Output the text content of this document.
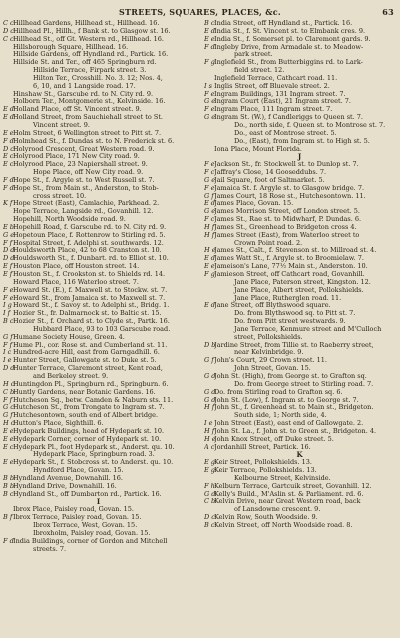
STREETS, SQUARES, PLACES, &c.	63
C c Hillhead Gardens, Hillhead st., Hillhead. 16.
D c Hillhead Pl., Hillh., f Bank st. to Glasgow st. 16.
C c Hillhead St., off Gt. Western rd., Hillhead. 16.
Hillsborough Square, Hillhead. 16.
Hillside Gardens, off Hyndland rd., Partick. 16.
Hillside St. and Ter., off 465 Springburn rd.
Hillside Terrace, Firpark street. 3.
Hilton Ter., Crosshill. No. 3. 12; Nos. 4,
6, 10, and 1 Langside road. 17.
Hinshaw St., Garscube rd. to N. City rd. 9.
Holborn Ter., Montgomerie st., Kelvinside. 16.
E d Holland Place, off St. Vincent street. 9.
E d Holland Street, from Sauchiehall street to St.
Vincent street. 9.
E e Holm Street, 6 Wellington street to Pitt st. 7.
F d Holmhead St., f. Dundas st. to N. Frederick st. 6.
D c Holyrood Crescent, Great Western road. 9.
E c Holyrood Place, 171 New City road. 9.
E c Holyrood Place, 23 Napiershall street. 9.
Hope Place, off New City road. 9.
F d Hope St., f. Argyle st. to West Russell st. 7.
F d Hope St., from Main st., Anderston, to Stob-
cross street. 10.
K f Hope Street (East), Camlachie, Parkhead. 2.
Hope Terrace, Langside rd., Govanhill. 12.
Hopehill, North Woodside road. 9.
E b Hopehill Road, f. Garscube rd. to N. City rd. 9.
G e
Hopetoun Place, f. Rottenrow to Stirling rd. 5.
F f Hospital Street, f. Adelphi st. southwards. 12.
D d
Houldsworth Place, 42 to 68 Cranston st. 10.
D d
Houldsworth St., f. Dunbart. rd. to Elliot st. 10.
E f Houston Place, off Houston street. 14.
E f Houston St., f. Crookston st. to Shields rd. 14.
Howard Place, 116 Waterloo street. 7.
F e Howard St. (E.), f. Maxwell st. to Stockw. st. 7.
F e Howard St., from Jamaica st. to Maxwell st. 7.
I g Howard St., f. Savoy st. to Adelphi st., Bridg. 1.
I f Hozier St., fr. Dalmarnock st. to Baltic st. 15.
B c Hozier St., f. Orchard st. to Clyde st., Partk. 16.
Hubbard Place, 93 to 103 Garscube road.
G f Humane Society House, Green. 4.
F f Hume Pl., cor. Rose st. and Cumberland st. 11.
I c Hundred-acre Hill, east from Garngadhill. 6.
I e Hunter Street, Gallowgate st. to Duke st. 5.
D d
Hunter Terrace, Claremont street, Kent road,
and Berkeley street. 9.
H c
Huntingdon Pl., Springburn rd., Springburn. 6.
C b
Huntly Gardens, near Botanic Gardens. 16.
F f Hutcheson Sq., betw. Camden & Naburn sts. 11.
G c Hutcheson St., from Trongate to Ingram st. 7.
G f Hutchesontown, south end of Albert bridge.
H c
Hutton's Place, Sighthill. 6.
E e Hydepark Buildings, head of Hydepark st. 10.
E e Hydepark Corner, corner of Hydepark st. 10.
E c Hydepark Pl., foot Hydepark st., Anderst. qu. 10.
Hydepark Place, Springburn road. 3.
E e Hydepark St., f. Stobcross st. to Anderst. qu. 10.
Hyndford Place, Govan. 15.
B b
Hyndland Avenue, Downahill. 16.
B b
Hyndland Drive, Downahill. 16.
B c Hyndland St., off Dumbarton rd., Partick. 16.
I
Ibrox Place, Paisley road, Govan. 15.
B f Ibrox Terrace, Paisley road, Govan. 15.
Ibrox Terrace, West, Govan. 15.
Ibroxholm, Paisley road, Govan. 15.
F d India Buildings, corner of Gordon and Mitchell
streets. 7.
B c India Street, off Hyndland st., Partick. 16.
E d India St., f. St. Vincent st. to Elmbank cres. 9.
E e India St., f. Somerset pl. to Claremont gards. 9.
F d Ingleby Drive, from Armadale st. to Meadow-
park street.
F g Inglefield St., from Butterbiggins rd. to Lark-
field street. 12.
Inglefield Terrace, Cathcart road. 11.
I s Inglis Street, off Bluevale street. 2.
F e Ingram Buildings, 131 Ingram street. 7.
G e
Ingram Court (East), 21 Ingram street. 7.
F e Ingram Place, 111 Ingram street. 7.
G e
Ingram St. (W.), f Candleriggs to Queen st. 7.
Do., north side, f. Queen st. to Montrose st. 7.
Do., east of Montrose street. 5.
Do., (East), from Ingram st. to High st. 5.
Iona Place, Mount Florida.
J
F e Jackson St., fr. Stockwell st. to Dunlop st. 7.
F c Jaffray's Close, 14 Gooseddubs. 7.
G e
Jail Square, foot of Saltmarket. 5.
F e Jamaica St. f. Argyle st. to Glasgow bridge. 7.
G f James Court, 18 Rose st., Hutchesontown. 11.
E d James Place, Govan. 15.
G e
James Morrison Street, off London street. 5.
F c James St., Rae st. to Midwharf, P. Dundas. 6.
H f James St., Greenhead to Bridgeton cross 4.
H f James Street (East), from Waterloo street to
Crown Point road. 2.
H e
James St., Calt., f. Stevenson st. to Millroad st. 4.
E d James Watt St., f. Argyle st. to Broomielaw. 7.
E e Jameison's Lane, 77½ Main st., Anderston. 10.
F g Jamieson Street, off Cathcart road, Govanhill.
Jane Place, Paterson street, Kingston. 12.
Jane Place, Albert street, Pollokshields.
Jane Place, Rutherglen road. 11.
E d Jane Street, off Blythswood square.
Do. from Blythswood sq. to Pitt st. 7.
Do. from Pitt street westwards. 9.
Jane Terrace, Kenmure street and M'Culloch
street, Pollokshields.
D b
Jardine Street, from Tillie st. to Raeberry street,
near Kelvinbridge. 9.
G f John's Court, 29 Crown street. 11.
John Street, Govan. 15.
G d
John St. (High), from George st. to Grafton sq.
Do. from George street to Stirling road. 7.
G d
Do. from Stirling road to Grafton sq. 6.
G d
John St. (Low), f. Ingram st. to George st. 7.
H f John St., f. Greenhead st. to Main st., Bridgeton.
South side, 1; North side, 4.
I e John Street (East), east end of Gallowgate. 2.
H f John St. La., f. John st. to Green st., Bridgeton. 4.
H e
John Knox Street, off Duke street. 5.
A c Jordanhill Street, Partick. 16.
K
E g Keir Street, Pollokshields. 13.
E g Keir Terrace, Pollokshields. 13.
Kelbourne Street, Kelvinside.
F h Kelburn Terrace, Gartcuik street, Govanhill. 12.
G d
Kelly's Build., M'Aslin st. & Parliament. rd. 6.
C b
Kelvin Drive, near Great Western road, back
of Lansdowne crescent. 9.
D c Kelvin Row, South Woodside. 9.
B c Kelvin Street, off North Woodside road. 8.
